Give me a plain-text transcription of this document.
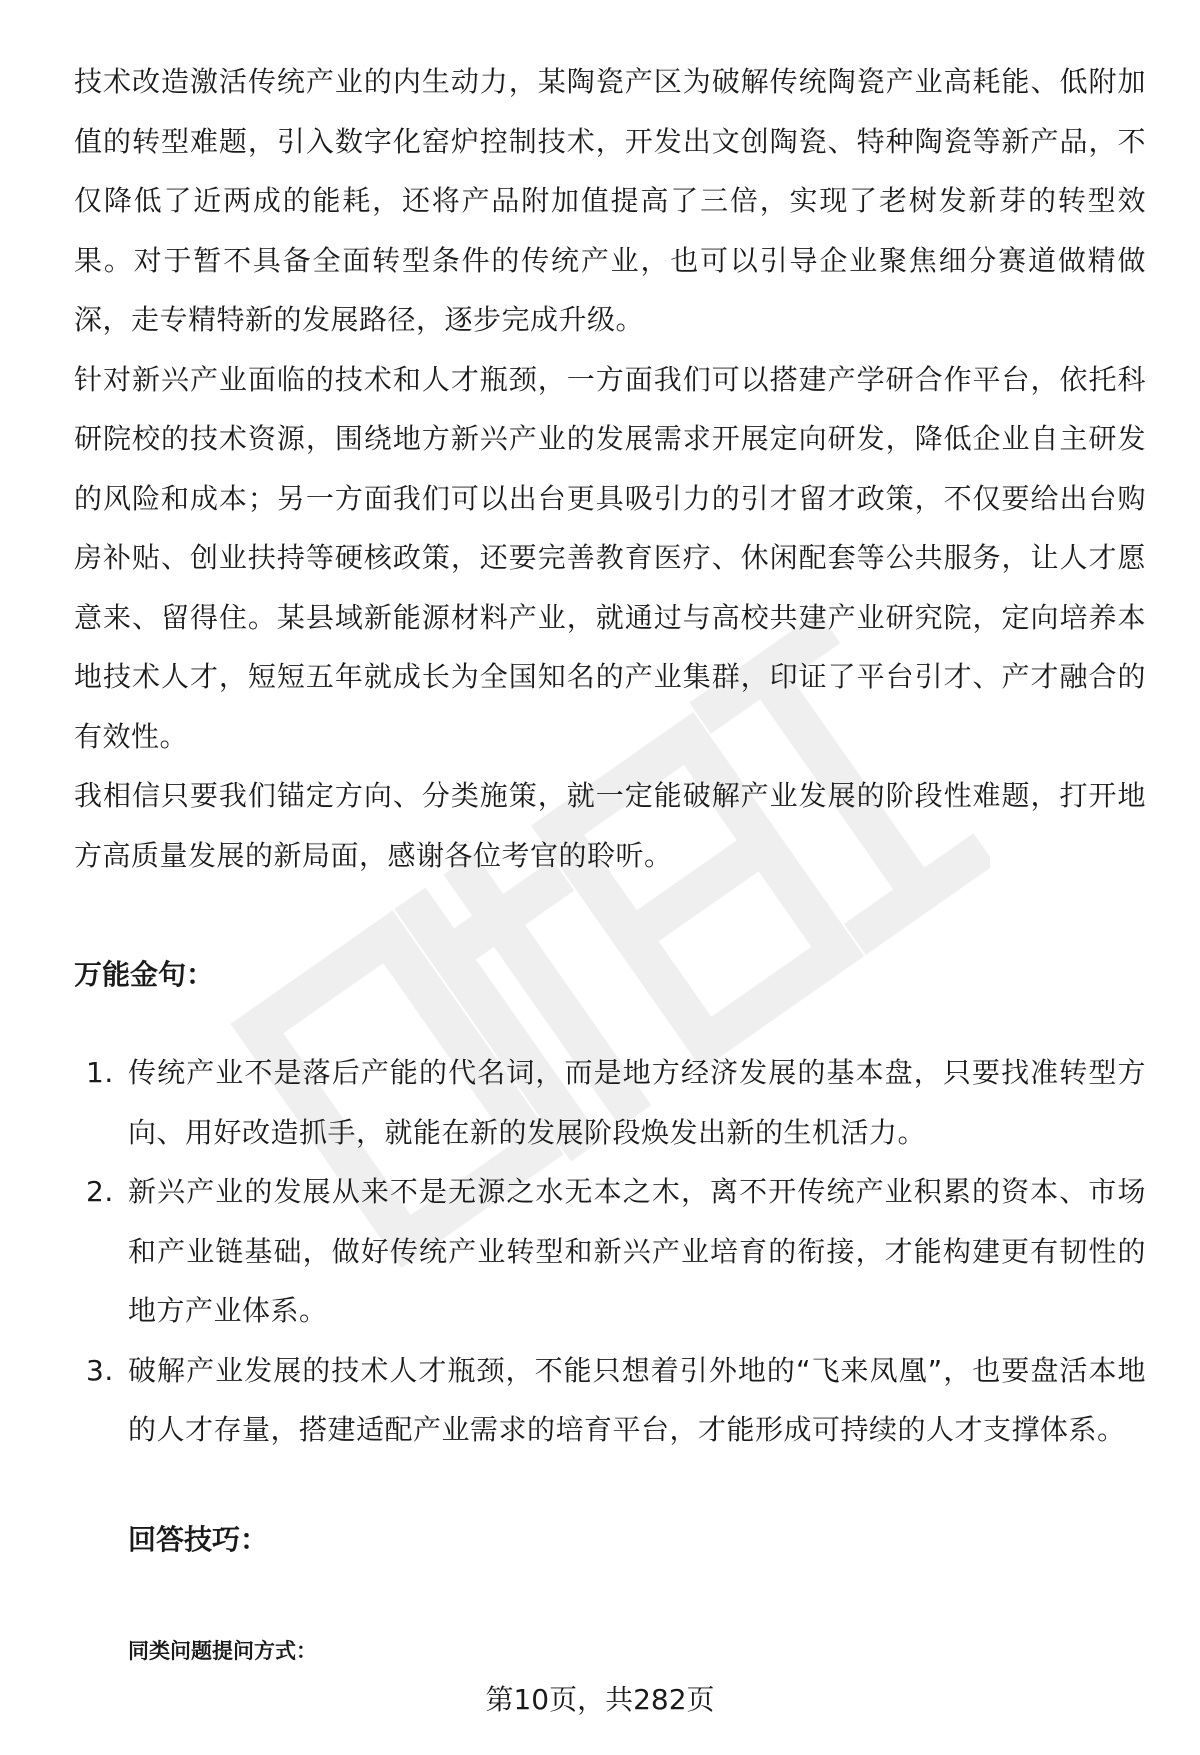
技术改造激活传统产业的内生动力，某陶瓷产区为破解传统陶瓷产业高耗能、低附加值的转型难题，引入数字化窑炉控制技术，开发出文创陶瓷、特种陶瓷等新产品，不仅降低了近两成的能耗，还将产品附加值提高了三倍，实现了老树发新芽的转型效果。对于暂不具备全面转型条件的传统产业，也可以引导企业聚焦细分赛道做精做深，走专精特新的发展路径，逐步完成升级。

针对新兴产业面临的技术和人才瓶颈，一方面我们可以搭建产学研合作平台，依托科研院校的技术资源，围绕地方新兴产业的发展需求开展定向研发，降低企业自主研发的风险和成本；另一方面我们可以出台更具吸引力的引才留才政策，不仅要给出台购房补贴、创业扶持等硬核政策，还要完善教育医疗、休闲配套等公共服务，让人才愿意来、留得住。某县域新能源材料产业，就通过与高校共建产业研究院，定向培养本地技术人才，短短五年就成长为全国知名的产业集群，印证了平台引才、产才融合的有效性。

我相信只要我们锚定方向、分类施策，就一定能破解产业发展的阶段性难题，打开地方高质量发展的新局面，感谢各位考官的聆听。

万能金句：
1. 传统产业不是落后产能的代名词，而是地方经济发展的基本盘，只要找准转型方向、用好改造抓手，就能在新的发展阶段焕发出新的生机活力。
2. 新兴产业的发展从来不是无源之水无本之木，离不开传统产业积累的资本、市场和产业链基础，做好传统产业转型和新兴产业培育的衔接，才能构建更有韧性的地方产业体系。
3. 破解产业发展的技术人才瓶颈，不能只想着引外地的“飞来凤凰”，也要盘活本地的人才存量，搭建适配产业需求的培育平台，才能形成可持续的人才支撑体系。
回答技巧：
同类问题提问方式：
第10页，共282页
